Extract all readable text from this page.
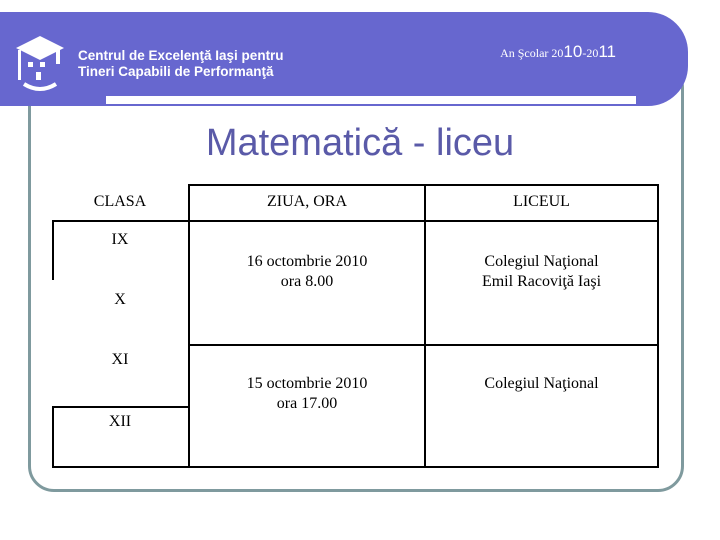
Centrul de Excelenţă Iaşi pentru
Tineri Capabili de Performanţă
An Şcolar 2010-2011
Matematică - liceu
CLASA	ZIUA, ORA	LICEUL
IX
X
XI
XII
16 octombrie 2010
ora 8.00
Colegiul Naţional
Emil Racoviţă Iaşi
15 octombrie 2010
ora 17.00
Colegiul Naţional
